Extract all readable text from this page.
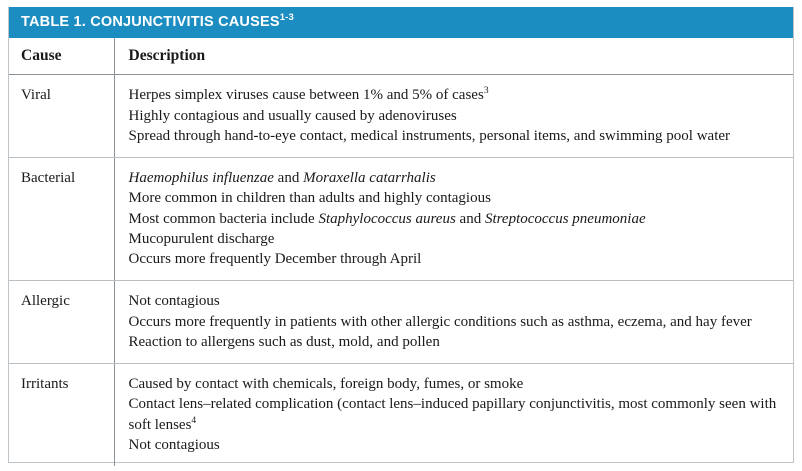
TABLE 1. CONJUNCTIVITIS CAUSES$^{1-3}$
Cause	Description
Viral	Herpes simplex viruses cause between 1% and 5% of cases$^3$
Highly contagious and usually caused by adenoviruses
Spread through hand-to-eye contact, medical instruments, personal items, and swimming pool water

Bacterial	Haemophilus influenzae and Moraxella catarrhalis
More common in children than adults and highly contagious
Most common bacteria include Staphylococcus aureus and Streptococcus pneumoniae
Mucopurulent discharge
Occurs more frequently December through April

Allergic	Not contagious
Occurs more frequently in patients with other allergic conditions such as asthma, eczema, and hay fever
Reaction to allergens such as dust, mold, and pollen

Irritants	Caused by contact with chemicals, foreign body, fumes, or smoke
Contact lens–related complication (contact lens–induced papillary conjunctivitis, most commonly seen with soft lenses$^4$
Not contagious
